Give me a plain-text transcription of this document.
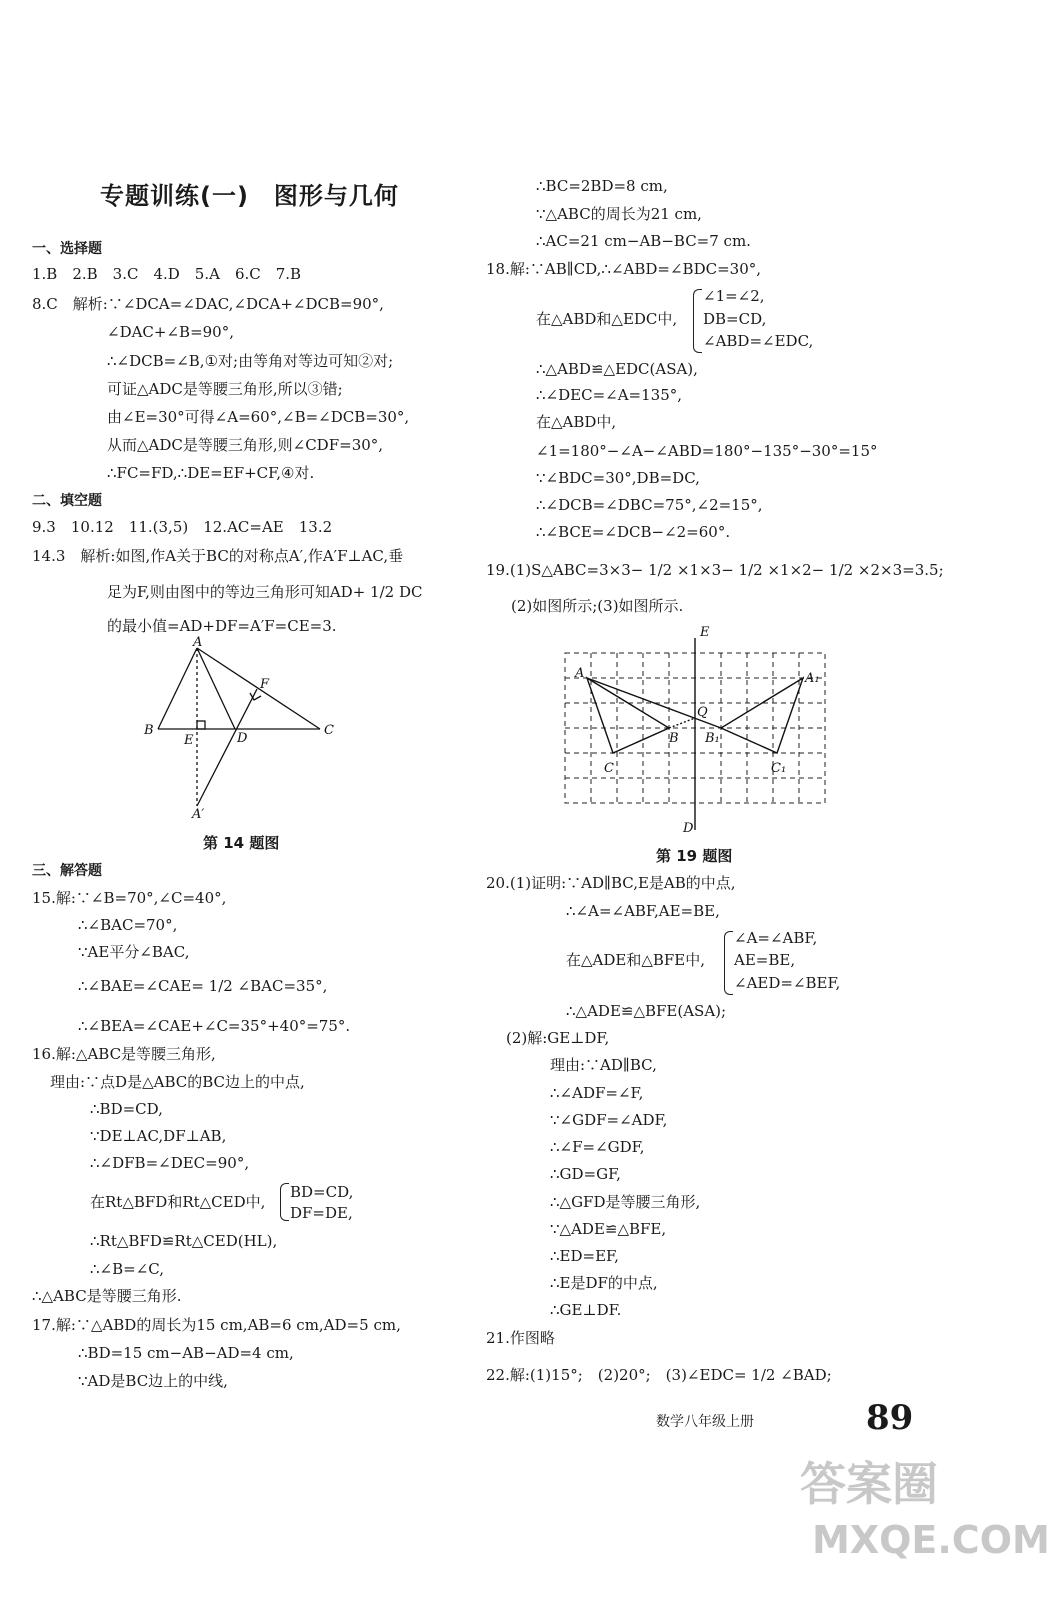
专题训练(一)　图形与几何
一、选择题
1.B　2.B　3.C　4.D　5.A　6.C　7.B
8.C　解析:∵∠DCA=∠DAC,∠DCA+∠DCB=90°,
∠DAC+∠B=90°,
∴∠DCB=∠B,①对;由等角对等边可知②对;
可证△ADC是等腰三角形,所以③错;
由∠E=30°可得∠A=60°,∠B=∠DCB=30°,
从而△ADC是等腰三角形,则∠CDF=30°,
∴FC=FD,∴DE=EF+CF,④对.
二、填空题
9.3　10.12　11.(3,5)　12.AC=AE　13.2
14.3　解析:如图,作A关于BC的对称点A′,作A′F⊥AC,垂
足为F,则由图中的等边三角形可知AD+ 1/2 DC
的最小值=AD+DF=A′F=CE=3.
A
B	C
D
E
F
A′
第 14 题图
三、解答题
15.解:∵∠B=70°,∠C=40°,
∴∠BAC=70°,
∵AE平分∠BAC,
∴∠BAE=∠CAE= 1/2 ∠BAC=35°,
∴∠BEA=∠CAE+∠C=35°+40°=75°.
16.解:△ABC是等腰三角形,
理由:∵点D是△ABC的BC边上的中点,
∴BD=CD,
∵DE⊥AC,DF⊥AB,
∴∠DFB=∠DEC=90°,
在Rt△BFD和Rt△CED中,
BD=CD,
DF=DE,
∴Rt△BFD≌Rt△CED(HL),
∴∠B=∠C,
∴△ABC是等腰三角形.
17.解:∵△ABD的周长为15 cm,AB=6 cm,AD=5 cm,
∴BD=15 cm−AB−AD=4 cm,
∵AD是BC边上的中线,
∴BC=2BD=8 cm,
∵△ABC的周长为21 cm,
∴AC=21 cm−AB−BC=7 cm.
18.解:∵AB∥CD,∴∠ABD=∠BDC=30°,
∠1=∠2,
在△ABD和△EDC中, DB=CD,
∠ABD=∠EDC,
∴△ABD≌△EDC(ASA),
∴∠DEC=∠A=135°,
在△ABD中,
∠1=180°−∠A−∠ABD=180°−135°−30°=15°
∵∠BDC=30°,DB=DC,
∴∠DCB=∠DBC=75°,∠2=15°,
∴∠BCE=∠DCB−∠2=60°.
19.(1)S△ABC=3×3− 1/2 ×1×3− 1/2 ×1×2− 1/2 ×2×3=3.5;
(2)如图所示;(3)如图所示.
E
D
A	A₁
B B₁
C	C₁
Q
第 19 题图
20.(1)证明:∵AD∥BC,E是AB的中点,
∴∠A=∠ABF,AE=BE,
∠A=∠ABF,
在△ADE和△BFE中, AE=BE,
∠AED=∠BEF,
∴△ADE≌△BFE(ASA);
(2)解:GE⊥DF,
理由:∵AD∥BC,
∴∠ADF=∠F,
∵∠GDF=∠ADF,
∴∠F=∠GDF,
∴GD=GF,
∴△GFD是等腰三角形,
∵△ADE≌△BFE,
∴ED=EF,
∴E是DF的中点,
∴GE⊥DF.
21.作图略
22.解:(1)15°;　(2)20°;　(3)∠EDC= 1/2 ∠BAD;
数学八年级上册	89
答案圈
MXQE.COM
